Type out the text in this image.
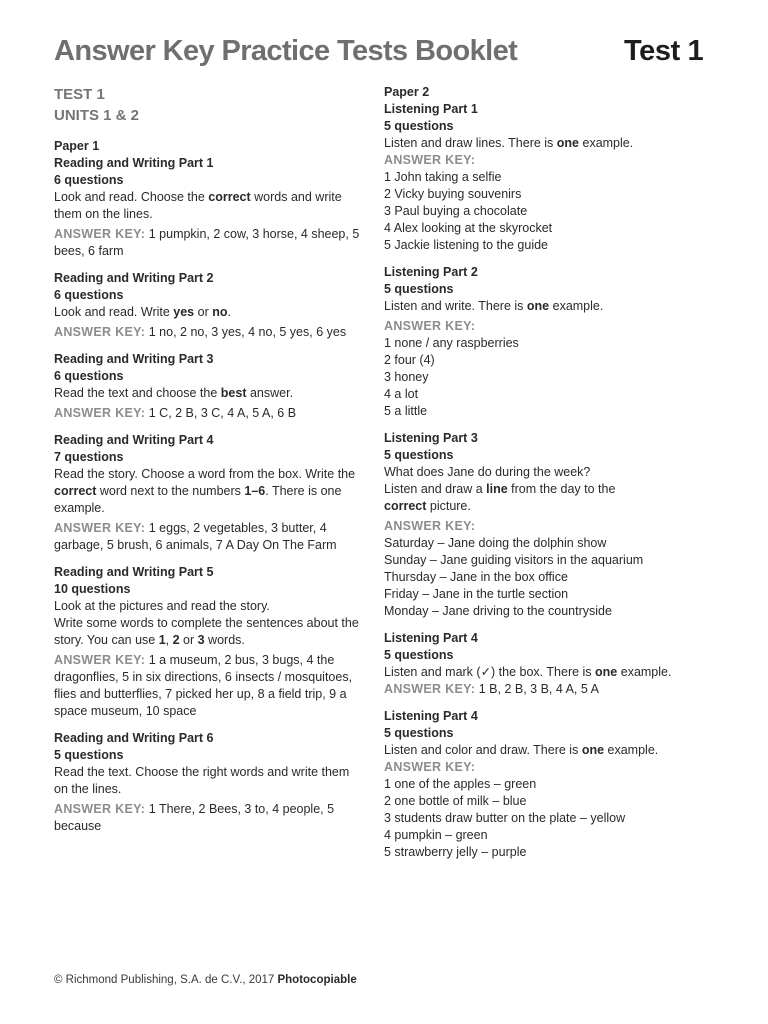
Answer Key Practice Tests Booklet	Test 1
TEST 1
UNITS 1 & 2
Paper 1
Reading and Writing Part 1
6 questions
Look and read. Choose the correct words and write them on the lines.
ANSWER KEY: 1 pumpkin, 2 cow, 3 horse, 4 sheep, 5 bees, 6 farm
Reading and Writing Part 2
6 questions
Look and read. Write yes or no.
ANSWER KEY: 1 no, 2 no, 3 yes, 4 no, 5 yes, 6 yes
Reading and Writing Part 3
6 questions
Read the text and choose the best answer.
ANSWER KEY: 1 C, 2 B, 3 C, 4 A, 5 A, 6 B
Reading and Writing Part 4
7 questions
Read the story. Choose a word from the box. Write the correct word next to the numbers 1–6. There is one example.
ANSWER KEY: 1 eggs, 2 vegetables, 3 butter, 4 garbage, 5 brush, 6 animals, 7 A Day On The Farm
Reading and Writing Part 5
10 questions
Look at the pictures and read the story.
Write some words to complete the sentences about the story. You can use 1, 2 or 3 words.
ANSWER KEY: 1 a museum, 2 bus, 3 bugs, 4 the dragonflies, 5 in six directions, 6 insects / mosquitoes, flies and butterflies, 7 picked her up, 8 a field trip, 9 a space museum, 10 space
Reading and Writing Part 6
5 questions
Read the text. Choose the right words and write them on the lines.
ANSWER KEY: 1 There, 2 Bees, 3 to, 4 people, 5 because
Paper 2
Listening Part 1
5 questions
Listen and draw lines. There is one example.
ANSWER KEY:
1 John taking a selfie
2 Vicky buying souvenirs
3 Paul buying a chocolate
4 Alex looking at the skyrocket
5 Jackie listening to the guide
Listening Part 2
5 questions
Listen and write. There is one example.
ANSWER KEY:
1 none / any raspberries
2 four (4)
3 honey
4 a lot
5 a little
Listening Part 3
5 questions
What does Jane do during the week?
Listen and draw a line from the day to the correct picture.
ANSWER KEY:
Saturday – Jane doing the dolphin show
Sunday – Jane guiding visitors in the aquarium
Thursday – Jane in the box office
Friday – Jane in the turtle section
Monday – Jane driving to the countryside
Listening Part 4
5 questions
Listen and mark (✓) the box. There is one example.
ANSWER KEY: 1 B, 2 B, 3 B, 4 A, 5 A
Listening Part 4
5 questions
Listen and color and draw. There is one example.
ANSWER KEY:
1 one of the apples – green
2 one bottle of milk – blue
3 students draw butter on the plate – yellow
4 pumpkin – green
5 strawberry jelly – purple
© Richmond Publishing, S.A. de C.V., 2017 Photocopiable
